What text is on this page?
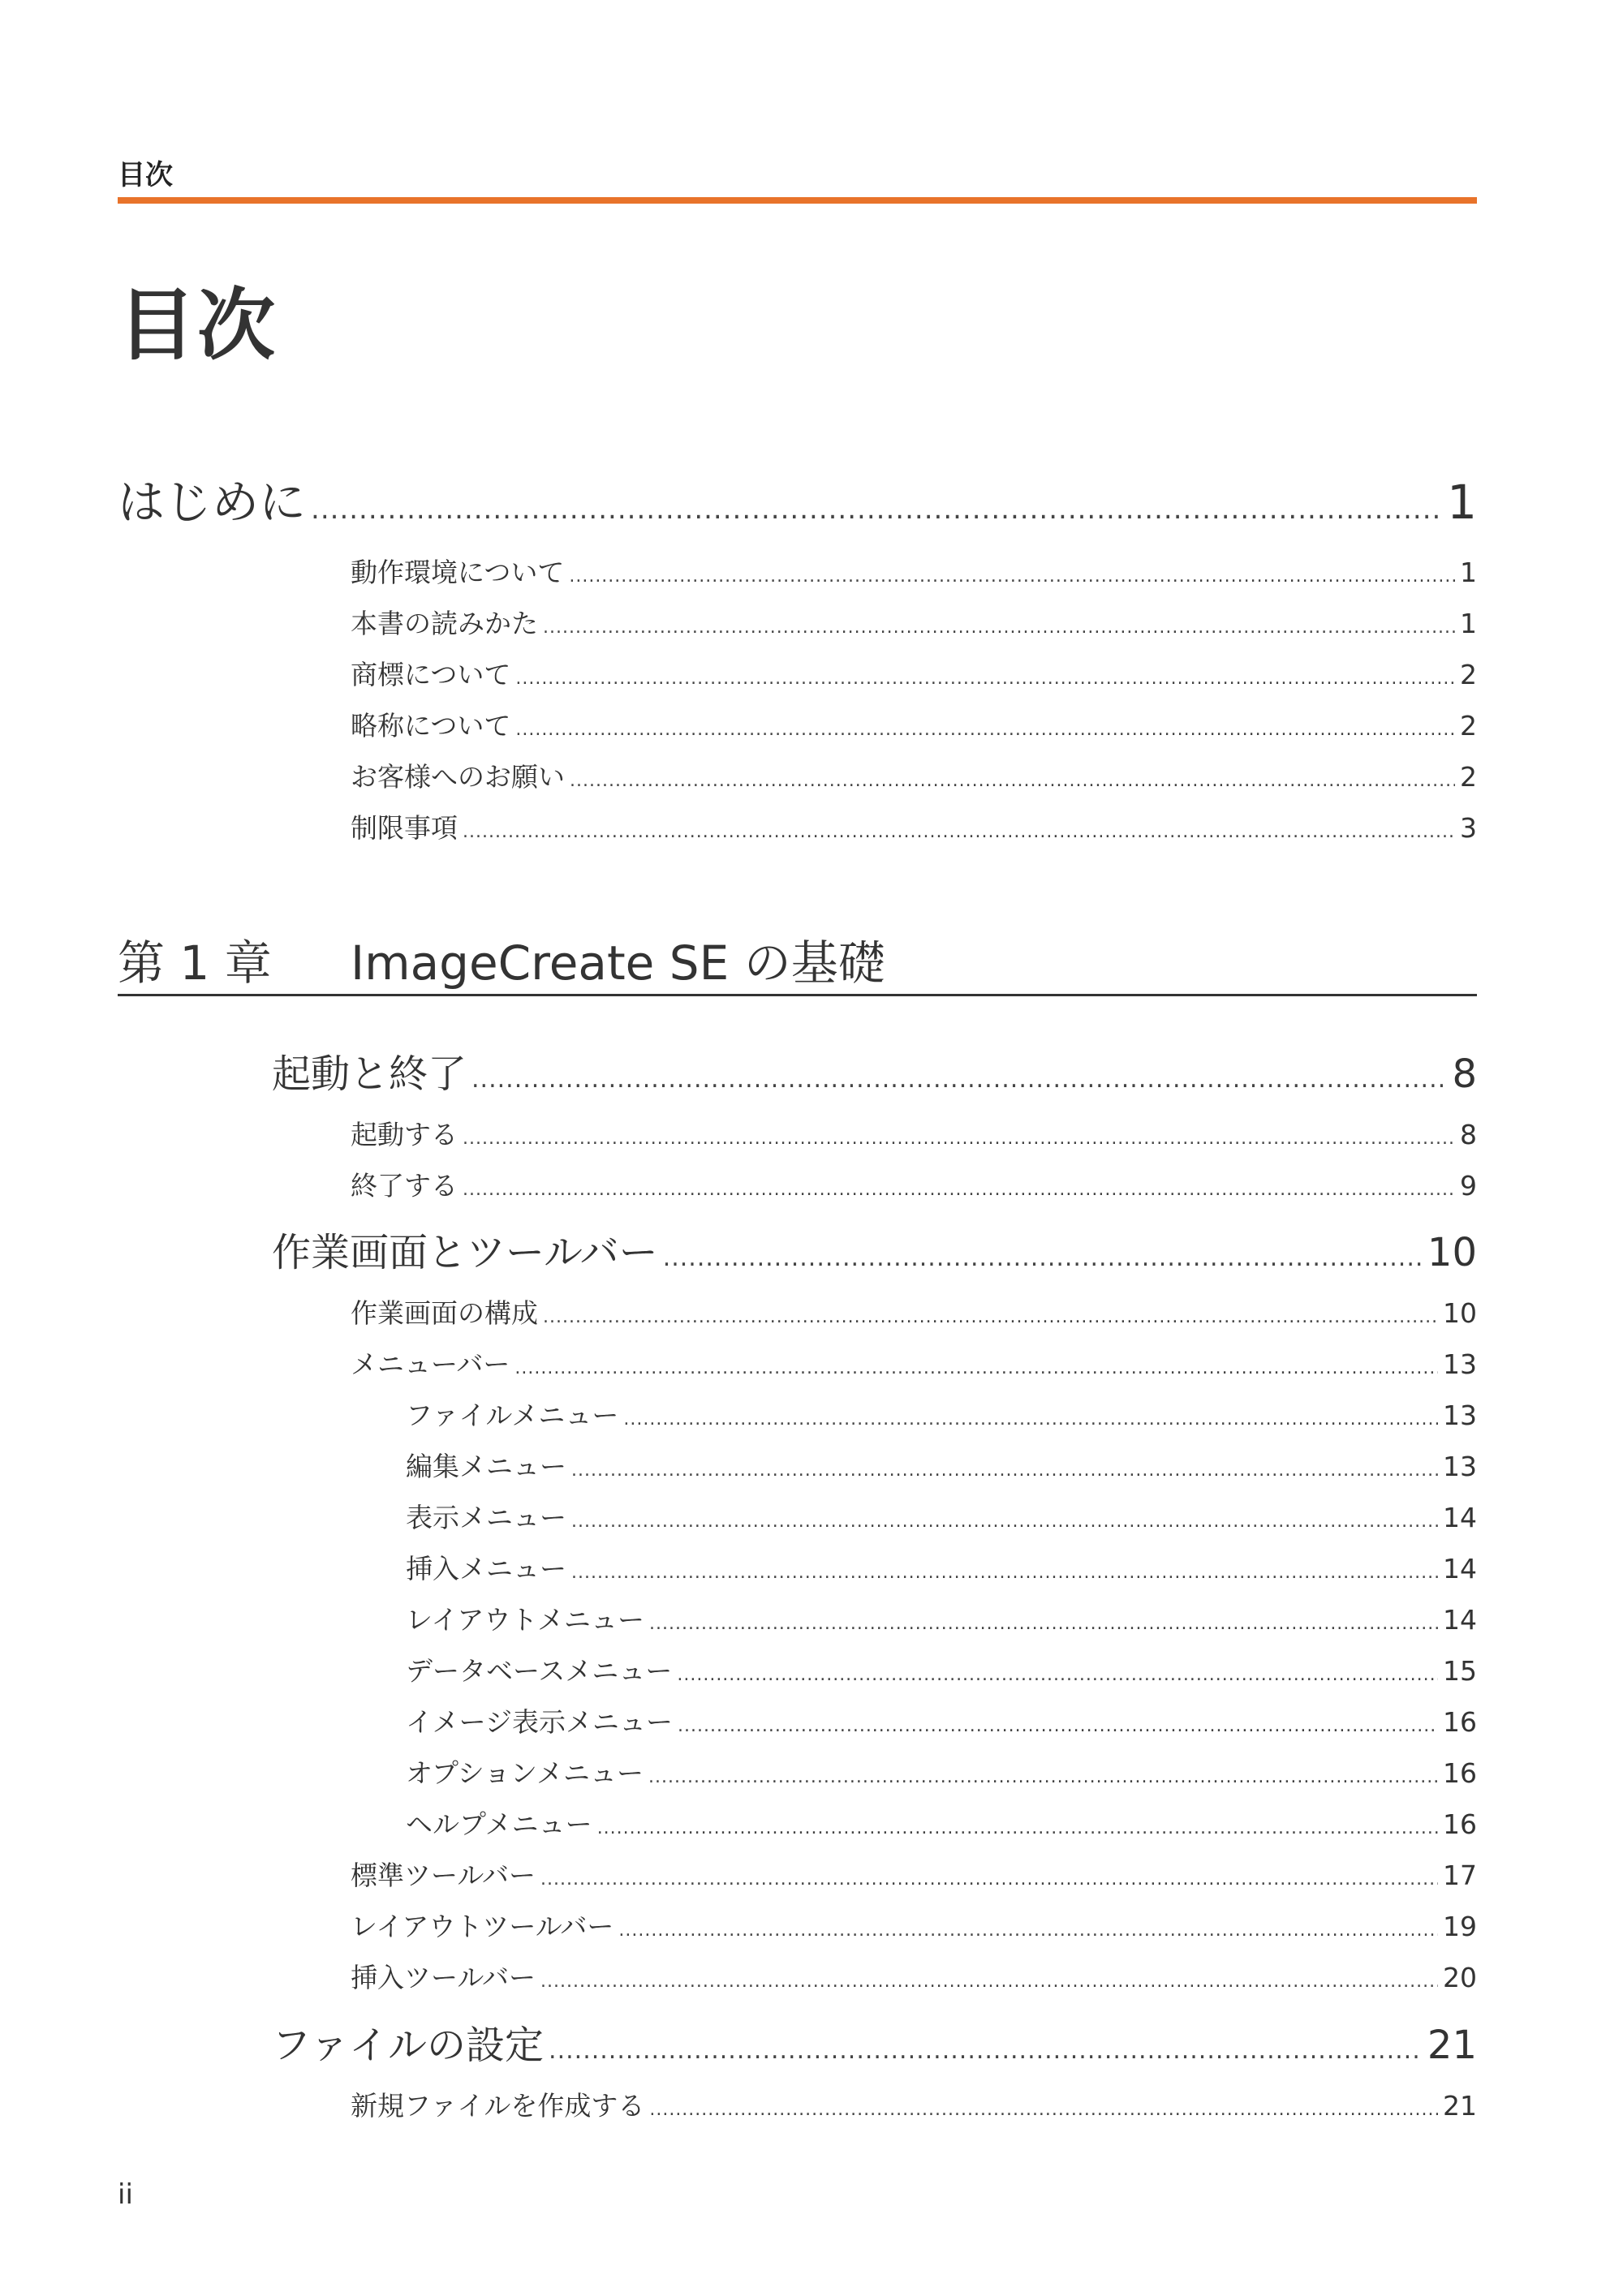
目次
目次
はじめに .....	1
動作環境について .....	1
本書の読みかた .....	1
商標について .....	2
略称について .....	2
お客様へのお願い .....	2
制限事項 .....	3
第 1 章 ImageCreate SE の基礎
起動と終了 .....	8
起動する .....	8
終了する .....	9
作業画面とツールバー .....	10
作業画面の構成 .....	10
メニューバー .....	13
ファイルメニュー .....	13
編集メニュー .....	13
表示メニュー .....	14
挿入メニュー .....	14
レイアウトメニュー .....	14
データベースメニュー .....	15
イメージ表示メニュー .....	16
オプションメニュー .....	16
ヘルプメニュー .....	16
標準ツールバー .....	17
レイアウトツールバー .....	19
挿入ツールバー .....	20
ファイルの設定 .....	21
新規ファイルを作成する .....	21
ii
